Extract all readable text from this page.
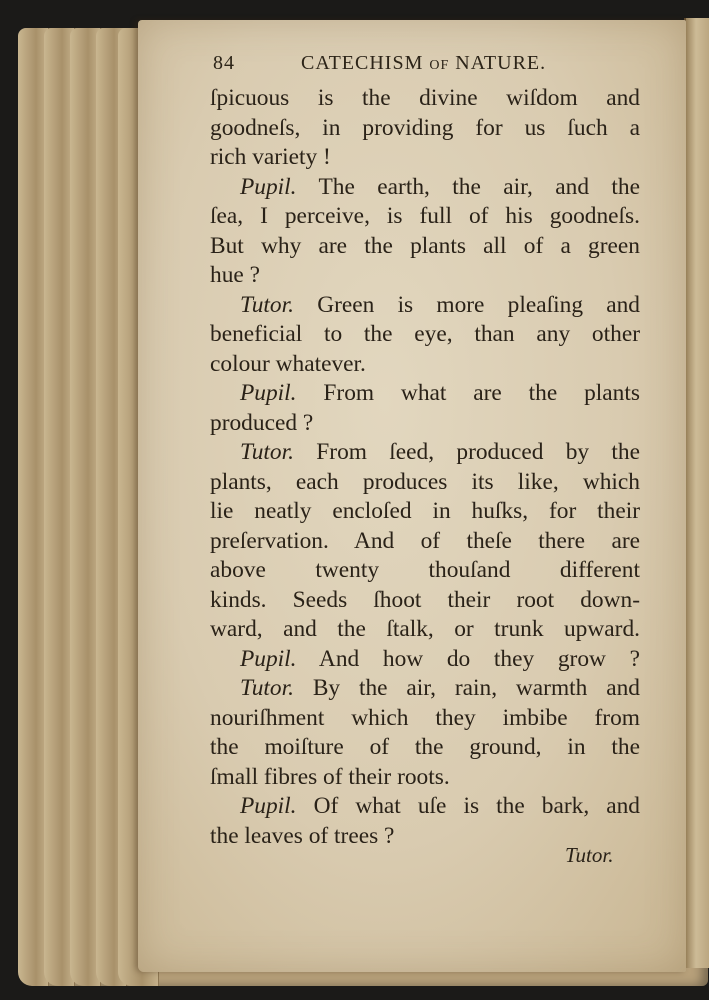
84	CATECHISM OF NATURE.
ſpicuous is the divine wiſdom and
goodneſs, in providing for us ſuch a
rich variety !
Pupil. The earth, the air, and the
ſea, I perceive, is full of his goodneſs.
But why are the plants all of a green
hue ?
Tutor. Green is more pleaſing and
beneficial to the eye, than any other
colour whatever.
Pupil. From what are the plants
produced ?
Tutor. From ſeed, produced by the
plants, each produces its like, which
lie neatly encloſed in huſks, for their
preſervation. And of theſe there are
above twenty thouſand different
kinds. Seeds ſhoot their root down-
ward, and the ſtalk, or trunk upward.
Pupil. And how do they grow ?
Tutor. By the air, rain, warmth and
nouriſhment which they imbibe from
the moiſture of the ground, in the
ſmall fibres of their roots.
Pupil. Of what uſe is the bark, and
the leaves of trees ?
Tutor.
